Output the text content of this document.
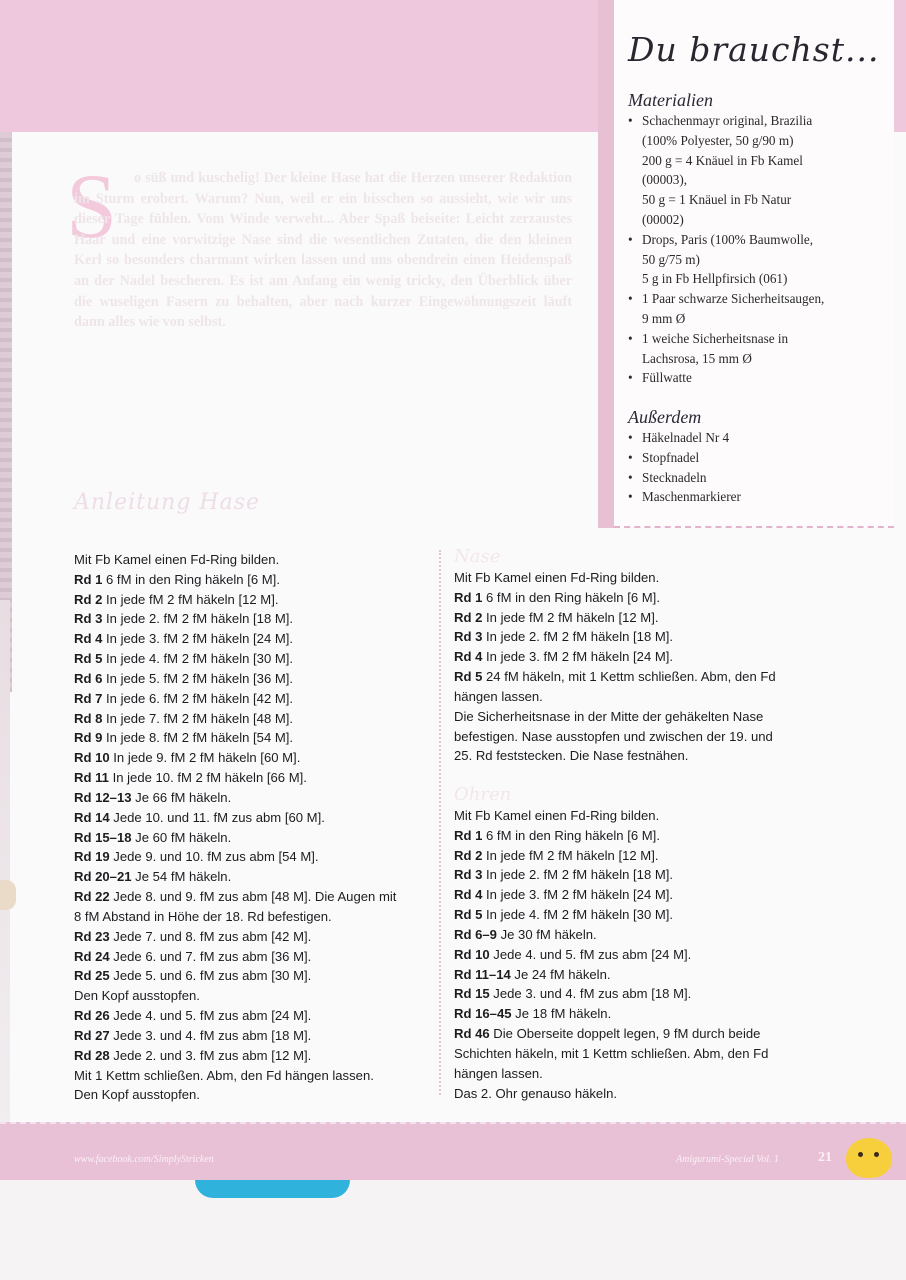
S	o süß und kuschelig! Der kleine Hase hat die Herzen unserer Redaktion im Sturm erobert. Warum? Nun, weil er ein bisschen so aussieht, wie wir uns dieser Tage fühlen. Vom Winde verweht... Aber Spaß beiseite: Leicht zerzaustes Haar und eine vorwitzige Nase sind die wesentlichen Zutaten, die den kleinen Kerl so besonders charmant wirken lassen und uns obendrein einen Heidenspaß an der Nadel bescheren. Es ist am Anfang ein wenig tricky, den Überblick über die wuseligen Fasern zu behalten, aber nach kurzer Eingewöhnungszeit läuft dann alles wie von selbst.
Anleitung Hase
Du brauchst...
Materialien
• Schachenmayr original, Brazilia
(100% Polyester, 50 g/90 m)
200 g = 4 Knäuel in Fb Kamel
(00003),
50 g = 1 Knäuel in Fb Natur
(00002)
• Drops, Paris (100% Baumwolle,
50 g/75 m)
5 g in Fb Hellpfirsich (061)
• 1 Paar schwarze Sicherheitsaugen,
9 mm Ø
• 1 weiche Sicherheitsnase in
Lachsrosa, 15 mm Ø
• Füllwatte
Außerdem
• Häkelnadel Nr 4
• Stopfnadel
• Stecknadeln
• Maschenmarkierer

Mit Fb Kamel einen Fd-Ring bilden.

Rd 1 6 fM in den Ring häkeln [6 M].

Rd 2 In jede fM 2 fM häkeln [12 M].

Rd 3 In jede 2. fM 2 fM häkeln [18 M].

Rd 4 In jede 3. fM 2 fM häkeln [24 M].

Rd 5 In jede 4. fM 2 fM häkeln [30 M].

Rd 6 In jede 5. fM 2 fM häkeln [36 M].

Rd 7 In jede 6. fM 2 fM häkeln [42 M].

Rd 8 In jede 7. fM 2 fM häkeln [48 M].

Rd 9 In jede 8. fM 2 fM häkeln [54 M].

Rd 10 In jede 9. fM 2 fM häkeln [60 M].

Rd 11 In jede 10. fM 2 fM häkeln [66 M].

Rd 12–13 Je 66 fM häkeln.

Rd 14 Jede 10. und 11. fM zus abm [60 M].

Rd 15–18 Je 60 fM häkeln.

Rd 19 Jede 9. und 10. fM zus abm [54 M].

Rd 20–21 Je 54 fM häkeln.

Rd 22 Jede 8. und 9. fM zus abm [48 M]. Die Augen mit

8 fM Abstand in Höhe der 18. Rd befestigen.

Rd 23 Jede 7. und 8. fM zus abm [42 M].

Rd 24 Jede 6. und 7. fM zus abm [36 M].

Rd 25 Jede 5. und 6. fM zus abm [30 M].

Den Kopf ausstopfen.

Rd 26 Jede 4. und 5. fM zus abm [24 M].

Rd 27 Jede 3. und 4. fM zus abm [18 M].

Rd 28 Jede 2. und 3. fM zus abm [12 M].

Mit 1 Kettm schließen. Abm, den Fd hängen lassen.

Den Kopf ausstopfen.

Nase

Mit Fb Kamel einen Fd-Ring bilden.

Rd 1 6 fM in den Ring häkeln [6 M].

Rd 2 In jede fM 2 fM häkeln [12 M].

Rd 3 In jede 2. fM 2 fM häkeln [18 M].

Rd 4 In jede 3. fM 2 fM häkeln [24 M].

Rd 5 24 fM häkeln, mit 1 Kettm schließen. Abm, den Fd

hängen lassen.

Die Sicherheitsnase in der Mitte der gehäkelten Nase

befestigen. Nase ausstopfen und zwischen der 19. und

25. Rd feststecken. Die Nase festnähen.

Ohren

Mit Fb Kamel einen Fd-Ring bilden.

Rd 1 6 fM in den Ring häkeln [6 M].

Rd 2 In jede fM 2 fM häkeln [12 M].

Rd 3 In jede 2. fM 2 fM häkeln [18 M].

Rd 4 In jede 3. fM 2 fM häkeln [24 M].

Rd 5 In jede 4. fM 2 fM häkeln [30 M].

Rd 6–9 Je 30 fM häkeln.

Rd 10 Jede 4. und 5. fM zus abm [24 M].

Rd 11–14 Je 24 fM häkeln.

Rd 15 Jede 3. und 4. fM zus abm [18 M].

Rd 16–45 Je 18 fM häkeln.

Rd 46 Die Oberseite doppelt legen, 9 fM durch beide

Schichten häkeln, mit 1 Kettm schließen. Abm, den Fd

hängen lassen.

Das 2. Ohr genauso häkeln.

www.facebook.com/SimplyStricken	Amigurumi-Special Vol. 1	21
